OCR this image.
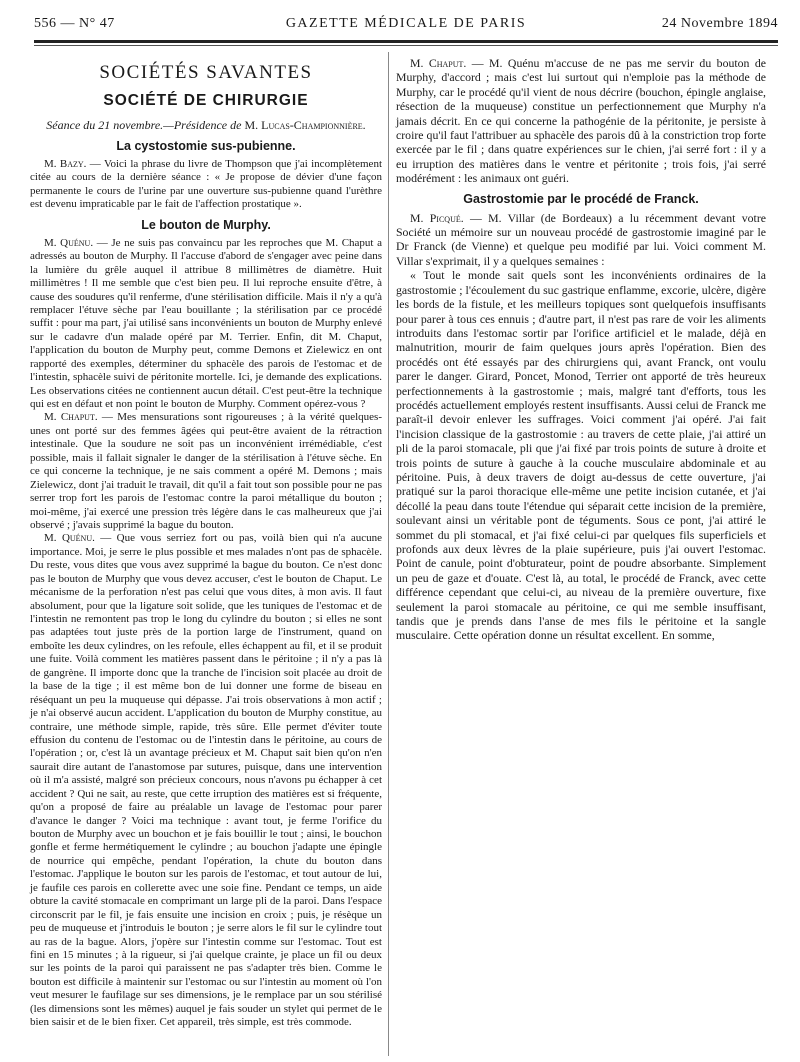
556 — N° 47	GAZETTE MÉDICALE DE PARIS	24 Novembre 1894
SOCIÉTÉS SAVANTES
SOCIÉTÉ DE CHIRURGIE
Séance du 21 novembre.—Présidence de M. Lucas-Championnière.
La cystostomie sus-pubienne.

M. Bazy. — Voici la phrase du livre de Thompson que j'ai incomplètement citée au cours de la dernière séance : « Je propose de dévier d'une façon permanente le cours de l'urine par une ouverture sus-pubienne quand l'urèthre est devenu impraticable par le fait de l'affection prostatique ».

Le bouton de Murphy.

M. Quénu. — Je ne suis pas convaincu par les reproches que M. Chaput a adressés au bouton de Murphy. Il l'accuse d'abord de s'engager avec peine dans la lumière du grêle auquel il attribue 8 millimètres de diamètre. Huit millimètres ! Il me semble que c'est bien peu. Il lui reproche ensuite d'être, à cause des soudures qu'il renferme, d'une stérilisation difficile. Mais il n'y a qu'à remplacer l'étuve sèche par l'eau bouillante ; la stérilisation par ce procédé suffit : pour ma part, j'ai utilisé sans inconvénients un bouton de Murphy enlevé sur le cadavre d'un malade opéré par M. Terrier. Enfin, dit M. Chaput, l'application du bouton de Murphy peut, comme Demons et Zielewicz en ont rapporté des exemples, déterminer du sphacèle des parois de l'estomac et de l'intestin, sphacèle suivi de péritonite mortelle. Ici, je demande des explications. Les observations citées ne contiennent aucun détail. C'est peut-être la technique qui est en défaut et non point le bouton de Murphy. Comment opérez-vous ?

M. Chaput. — Mes mensurations sont rigoureuses ; à la vérité quelques-unes ont porté sur des femmes âgées qui peut-être avaient de la rétraction intestinale. Que la soudure ne soit pas un inconvénient irrémédiable, c'est possible, mais il fallait signaler le danger de la stérilisation à l'étuve sèche. En ce qui concerne la technique, je ne sais comment a opéré M. Demons ; mais Zielewicz, dont j'ai traduit le travail, dit qu'il a fait tout son possible pour ne pas serrer trop fort les parois de l'estomac contre la paroi métallique du bouton ; moi-même, j'ai exercé une pression très légère dans le cas malheureux que j'ai observé ; j'avais supprimé la bague du bouton.

M. Quénu. — Que vous serriez fort ou pas, voilà bien qui n'a aucune importance. Moi, je serre le plus possible et mes malades n'ont pas de sphacèle. Du reste, vous dites que vous avez supprimé la bague du bouton. Ce n'est donc pas le bouton de Murphy que vous devez accuser, c'est le bouton de Chaput. Le mécanisme de la perforation n'est pas celui que vous dites, à mon avis. Il faut absolument, pour que la ligature soit solide, que les tuniques de l'estomac et de l'intestin ne remontent pas trop le long du cylindre du bouton ; si elles ne sont pas adaptées tout juste près de la portion large de l'instrument, quand on emboîte les deux cylindres, on les refoule, elles échappent au fil, et il se produit une fuite. Voilà comment les matières passent dans le péritoine ; il n'y a pas là de gangrène. Il importe donc que la tranche de l'incision soit placée au droit de la base de la tige ; il est même bon de lui donner une forme de biseau en réséquant un peu la muqueuse qui dépasse. J'ai trois observations à mon actif ; je n'ai observé aucun accident. L'application du bouton de Murphy constitue, au contraire, une méthode simple, rapide, très sûre. Elle permet d'éviter toute effusion du contenu de l'estomac ou de l'intestin dans le péritoine, au cours de l'opération ; or, c'est là un avantage précieux et M. Chaput sait bien qu'on n'en saurait dire autant de l'anastomose par sutures, puisque, dans une intervention où il m'a assisté, malgré son précieux concours, nous n'avons pu échapper à cet accident ? Qui ne sait, au reste, que cette irruption des matières est si fréquente, qu'on a proposé de faire au préalable un lavage de l'estomac pour parer d'avance le danger ? Voici ma technique : avant tout, je ferme l'orifice du bouton de Murphy avec un bouchon et je fais bouillir le tout ; ainsi, le bouchon gonfle et ferme hermétiquement le cylindre ; au bouchon j'adapte une épingle de nourrice qui empêche, pendant l'opération, la chute du bouton dans l'estomac. J'applique le bouton sur les parois de l'estomac, et tout autour de lui, je faufile ces parois en collerette avec une soie fine. Pendant ce temps, un aide obture la cavité stomacale en comprimant un large pli de la paroi. Dans l'espace circonscrit par le fil, je fais ensuite une incision en croix ; puis, je résèque un peu de muqueuse et j'introduis le bouton ; je serre alors le fil sur le cylindre tout au ras de la bague. Alors, j'opère sur l'intestin comme sur l'estomac. Tout est fini en 15 minutes ; à la rigueur, si j'ai quelque crainte, je place un fil ou deux sur les points de la paroi qui paraissent ne pas s'adapter très bien. Comme le bouton est difficile à maintenir sur l'estomac ou sur l'intestin au moment où l'on veut mesurer le faufilage sur ses dimensions, je le remplace par un sou stérilisé (les dimensions sont les mêmes) auquel je fais souder un stylet qui permet de le bien saisir et de le bien fixer. Cet appareil, très simple, est très commode.

M. Chaput. — M. Quénu m'accuse de ne pas me servir du bouton de Murphy, d'accord ; mais c'est lui surtout qui n'emploie pas la méthode de Murphy, car le procédé qu'il vient de nous décrire (bouchon, épingle anglaise, résection de la muqueuse) constitue un perfectionnement que Murphy n'a jamais décrit. En ce qui concerne la pathogénie de la péritonite, je persiste à croire qu'il faut l'attribuer au sphacèle des parois dû à la constriction trop forte exercée par le fil ; dans quatre expériences sur le chien, j'ai serré fort : il y a eu irruption des matières dans le ventre et péritonite ; trois fois, j'ai serré modérément : les animaux ont guéri.

Gastrostomie par le procédé de Franck.

M. Picqué. — M. Villar (de Bordeaux) a lu récemment devant votre Société un mémoire sur un nouveau procédé de gastrostomie imaginé par le Dr Franck (de Vienne) et quelque peu modifié par lui. Voici comment M. Villar s'exprimait, il y a quelques semaines :

« Tout le monde sait quels sont les inconvénients ordinaires de la gastrostomie ; l'écoulement du suc gastrique enflamme, excorie, ulcère, digère les bords de la fistule, et les meilleurs topiques sont quelquefois insuffisants pour parer à tous ces ennuis ; d'autre part, il n'est pas rare de voir les aliments introduits dans l'estomac sortir par l'orifice artificiel et le malade, déjà en malnutrition, mourir de faim quelques jours après l'opération. Bien des procédés ont été essayés par des chirurgiens qui, avant Franck, ont voulu parer le danger. Girard, Poncet, Monod, Terrier ont apporté de très heureux perfectionnements à la gastrostomie ; mais, malgré tant d'efforts, tous les procédés actuellement employés restent insuffisants. Aussi celui de Franck me paraît-il devoir enlever les suffrages. Voici comment j'ai opéré. J'ai fait l'incision classique de la gastrostomie : au travers de cette plaie, j'ai attiré un pli de la paroi stomacale, pli que j'ai fixé par trois points de suture à droite et trois points de suture à gauche à la couche musculaire abdominale et au péritoine. Puis, à deux travers de doigt au-dessus de cette ouverture, j'ai pratiqué sur la paroi thoracique elle-même une petite incision cutanée, et j'ai décollé la peau dans toute l'étendue qui séparait cette incision de la première, soulevant ainsi un véritable pont de téguments. Sous ce pont, j'ai attiré le sommet du pli stomacal, et j'ai fixé celui-ci par quelques fils superficiels et profonds aux deux lèvres de la plaie supérieure, puis j'ai ouvert l'estomac. Point de canule, point d'obturateur, point de poudre absorbante. Simplement un peu de gaze et d'ouate. C'est là, au total, le procédé de Franck, avec cette différence cependant que celui-ci, au niveau de la première ouverture, fixe seulement la paroi stomacale au péritoine, ce qui me semble insuffisant, tandis que je prends dans l'anse de mes fils le péritoine et la sangle musculaire. Cette opération donne un résultat excellent. En somme,
